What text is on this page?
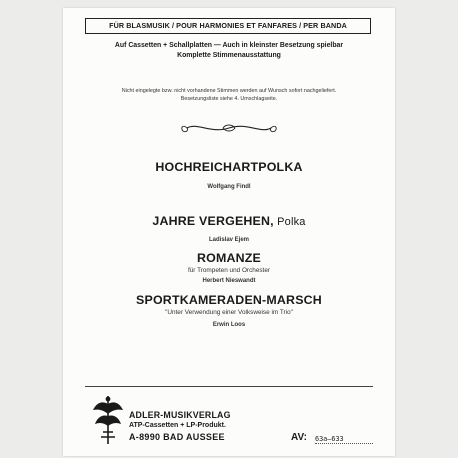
FÜR BLASMUSIK / POUR HARMONIES ET FANFARES / PER BANDA
Auf Cassetten + Schallplatten — Auch in kleinster Besetzung spielbar
Komplette Stimmenausstattung
Nicht eingelegte bzw. nicht vorhandene Stimmen werden auf Wunsch sofort nachgeliefert.
Besetzungsliste siehe 4. Umschlagseite.
HOCHREICHARTPOLKA
Wolfgang Findl
JAHRE VERGEHEN, Polka
Ladislav Ejem
ROMANZE
für Trompeten und Orchester
Herbert Nieswandt
SPORTKAMERADEN-MARSCH
"Unter Verwendung einer Volksweise im Trio"
Erwin Loos
ADLER-MUSIKVERLAG
ATP-Cassetten + LP-Produkt.
A-8990 BAD AUSSEE	AV: 63a–633
